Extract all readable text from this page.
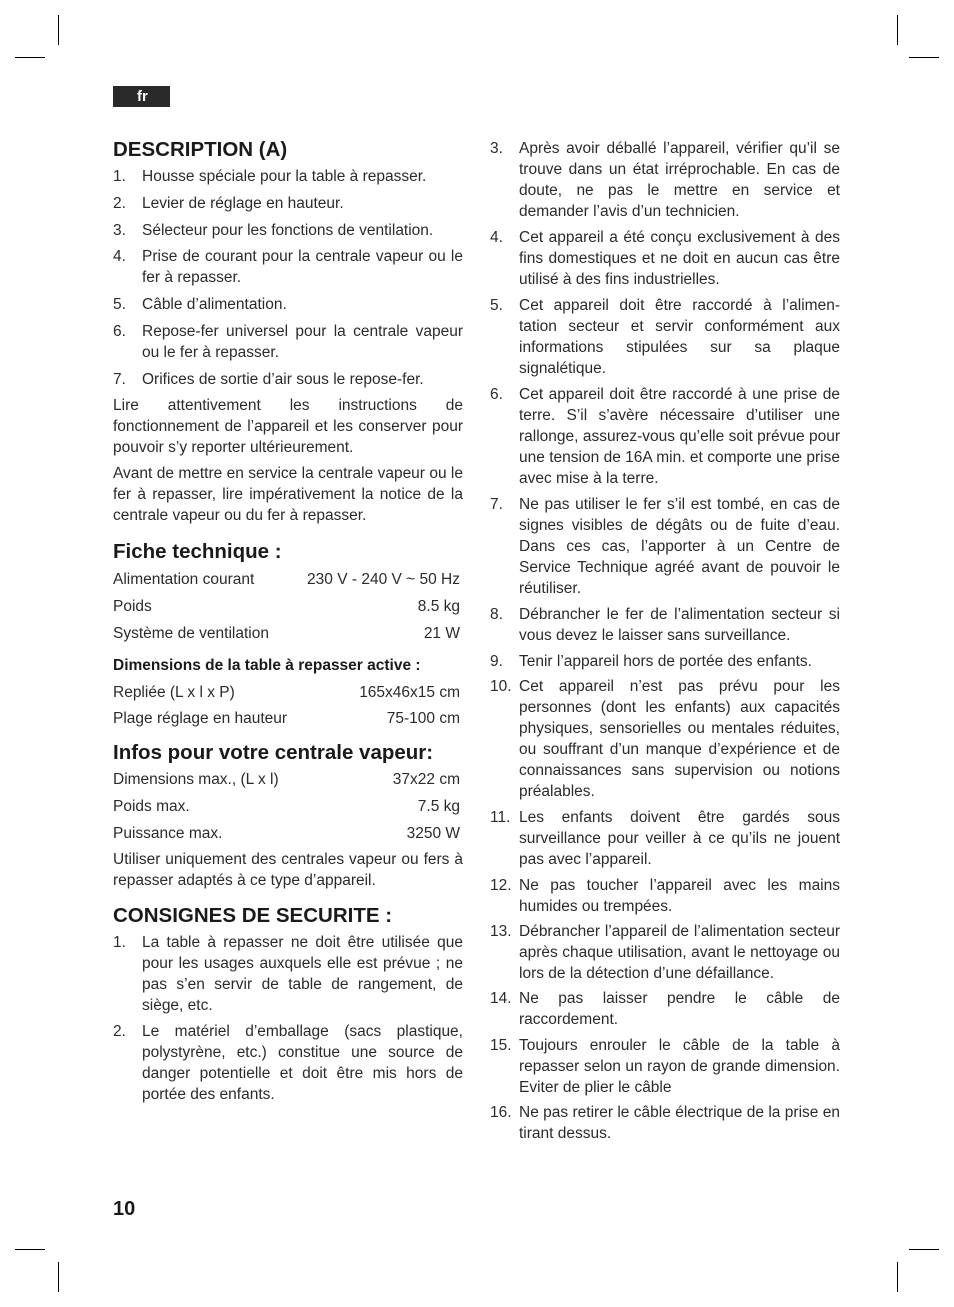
fr
DESCRIPTION (A)
1. Housse spéciale pour la table à repasser.
2. Levier de réglage en hauteur.
3. Sélecteur pour les fonctions de ventilation.
4. Prise de courant pour la centrale vapeur ou le fer à repasser.
5. Câble d’alimentation.
6. Repose-fer universel pour la centrale vapeur ou le fer à repasser.
7. Orifices de sortie d’air sous le repose-fer.

Lire attentivement les instructions de fonctionnement de l’appareil et les conserver pour pouvoir s’y reporter ultérieurement.

Avant de mettre en service la centrale vapeur ou le fer à repasser, lire impérativement la notice de la centrale vapeur ou du fer à repasser.

Fiche technique :
Alimentation courant	230 V - 240 V ~ 50 Hz
Poids	8.5 kg
Système de ventilation	21 W
Dimensions de la table à repasser active :
Repliée (L x l x P)	165x46x15 cm
Plage réglage en hauteur	75-100 cm
Infos pour votre centrale vapeur:
Dimensions max., (L x l)	37x22 cm
Poids max.	7.5 kg
Puissance max.	3250 W

Utiliser uniquement des centrales vapeur ou fers à repasser adaptés à ce type d’appareil.

CONSIGNES DE SECURITE :
1. La table à repasser ne doit être utilisée que pour les usages auxquels elle est prévue ; ne pas s’en servir de table de rangement, de siège, etc.
2. Le matériel d’emballage (sacs plastique, polystyrène, etc.) constitue une source de danger potentielle et doit être mis hors de portée des enfants.
3. Après avoir déballé l’appareil, vérifier qu’il se trouve dans un état irréprochable. En cas de doute, ne pas le mettre en service et demander l’avis d’un technicien.
4. Cet appareil a été conçu exclusivement à des fins domestiques et ne doit en aucun cas être utilisé à des fins industrielles.
5. Cet appareil doit être raccordé à l’alimen-tation secteur et servir conformément aux informations stipulées sur sa plaque signalétique.
6. Cet appareil doit être raccordé à une prise de terre. S’il s’avère nécessaire d’utiliser une rallonge, assurez-vous qu’elle soit prévue pour une tension de 16A min. et comporte une prise avec mise à la terre.
7. Ne pas utiliser le fer s’il est tombé, en cas de signes visibles de dégâts ou de fuite d’eau. Dans ces cas, l’apporter à un Centre de Service Technique agréé avant de pouvoir le réutiliser.
8. Débrancher le fer de l’alimentation secteur si vous devez le laisser sans surveillance.
9. Tenir l’appareil hors de portée des enfants.
10. Cet appareil n’est pas prévu pour les personnes (dont les enfants) aux capacités physiques, sensorielles ou mentales réduites, ou souffrant d’un manque d’expérience et de connaissances sans supervision ou notions préalables.
11. Les enfants doivent être gardés sous surveillance pour veiller à ce qu’ils ne jouent pas avec l’appareil.
12. Ne pas toucher l’appareil avec les mains humides ou trempées.
13. Débrancher l’appareil de l’alimentation secteur après chaque utilisation, avant le nettoyage ou lors de la détection d’une défaillance.
14. Ne pas laisser pendre le câble de raccordement.
15. Toujours enrouler le câble de la table à repasser selon un rayon de grande dimension. Eviter de plier le câble
16. Ne pas retirer le câble électrique de la prise en tirant dessus.
10
